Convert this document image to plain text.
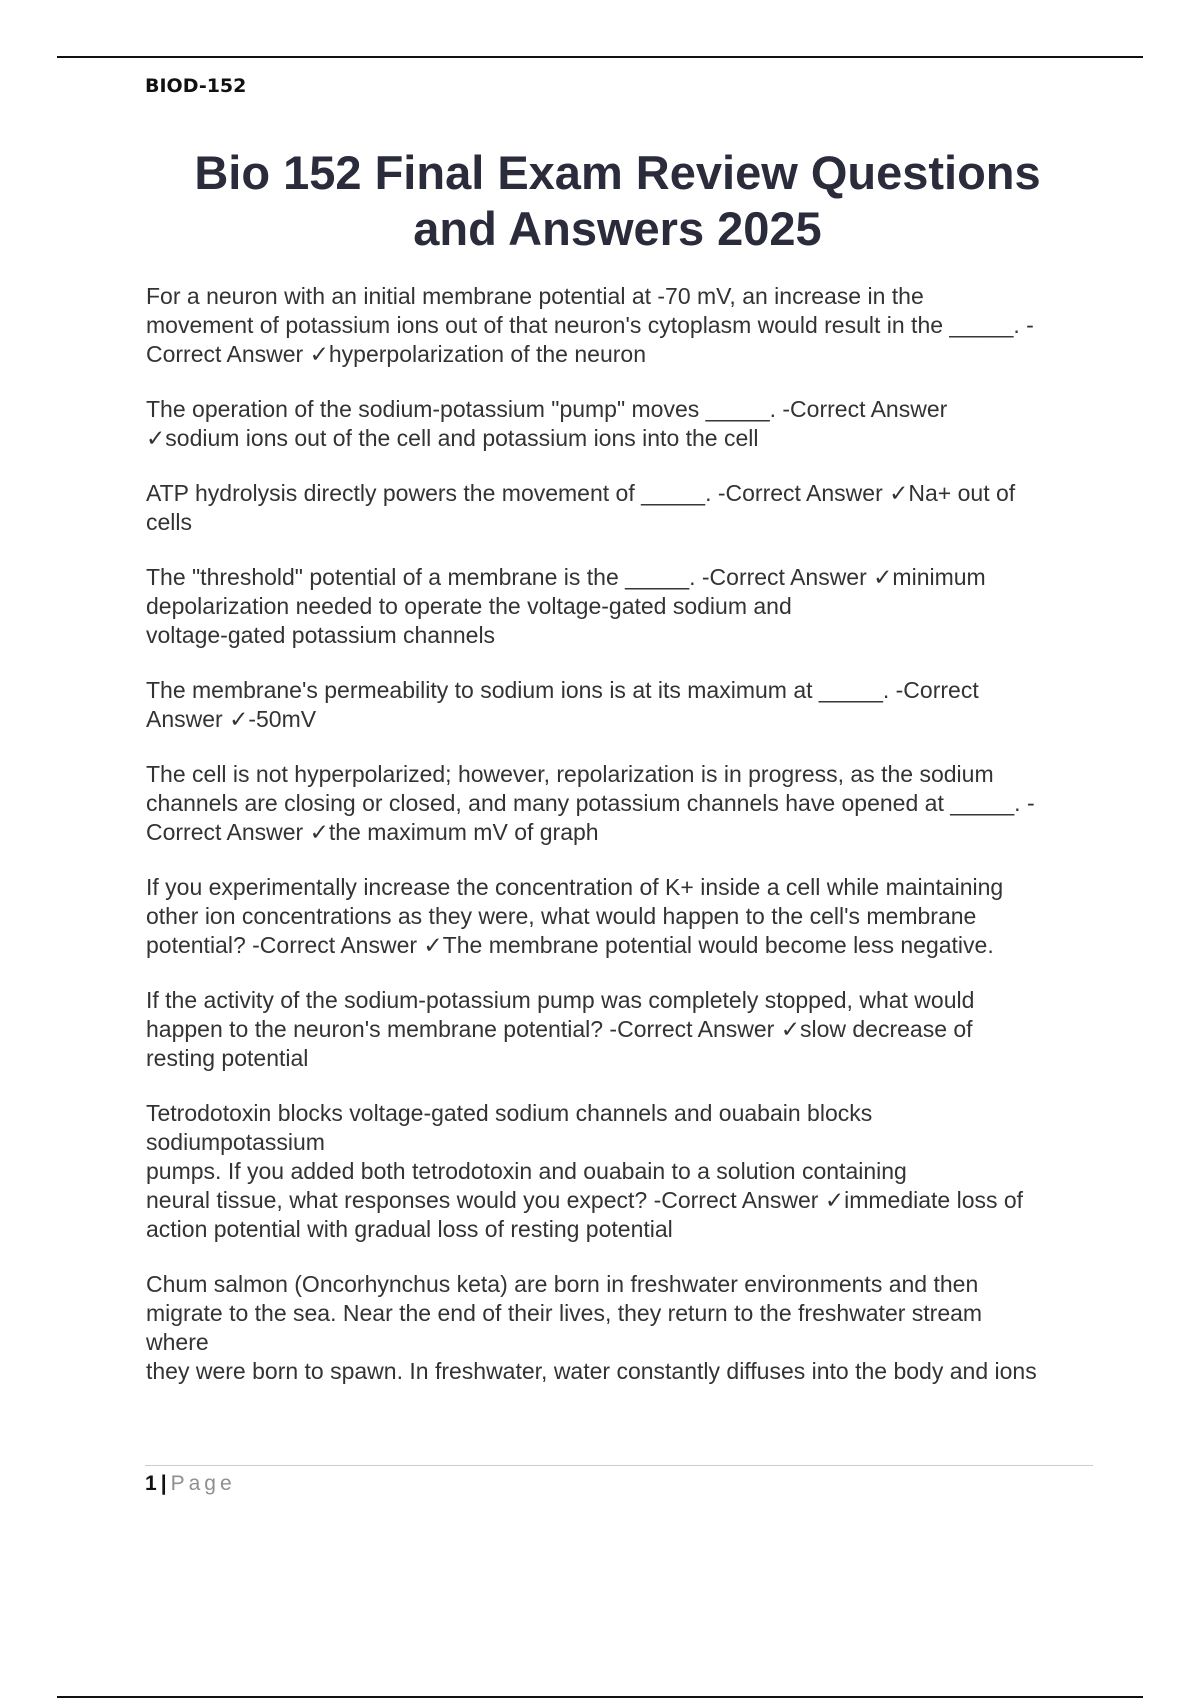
BIOD-152
Bio 152 Final Exam Review Questions
and Answers 2025
For a neuron with an initial membrane potential at -70 mV, an increase in the
movement of potassium ions out of that neuron's cytoplasm would result in the _____. -
Correct Answer ✓hyperpolarization of the neuron
The operation of the sodium-potassium "pump" moves _____. -Correct Answer
✓sodium ions out of the cell and potassium ions into the cell
ATP hydrolysis directly powers the movement of _____. -Correct Answer ✓Na+ out of
cells
The "threshold" potential of a membrane is the _____. -Correct Answer ✓minimum
depolarization needed to operate the voltage-gated sodium and
voltage-gated potassium channels
The membrane's permeability to sodium ions is at its maximum at _____. -Correct
Answer ✓-50mV
The cell is not hyperpolarized; however, repolarization is in progress, as the sodium
channels are closing or closed, and many potassium channels have opened at _____. -
Correct Answer ✓the maximum mV of graph
If you experimentally increase the concentration of K+ inside a cell while maintaining
other ion concentrations as they were, what would happen to the cell's membrane
potential? -Correct Answer ✓The membrane potential would become less negative.
If the activity of the sodium-potassium pump was completely stopped, what would
happen to the neuron's membrane potential? -Correct Answer ✓slow decrease of
resting potential
Tetrodotoxin blocks voltage-gated sodium channels and ouabain blocks
sodiumpotassium
pumps. If you added both tetrodotoxin and ouabain to a solution containing
neural tissue, what responses would you expect? -Correct Answer ✓immediate loss of
action potential with gradual loss of resting potential
Chum salmon (Oncorhynchus keta) are born in freshwater environments and then
migrate to the sea. Near the end of their lives, they return to the freshwater stream
where
they were born to spawn. In freshwater, water constantly diffuses into the body and ions
1 | Page
